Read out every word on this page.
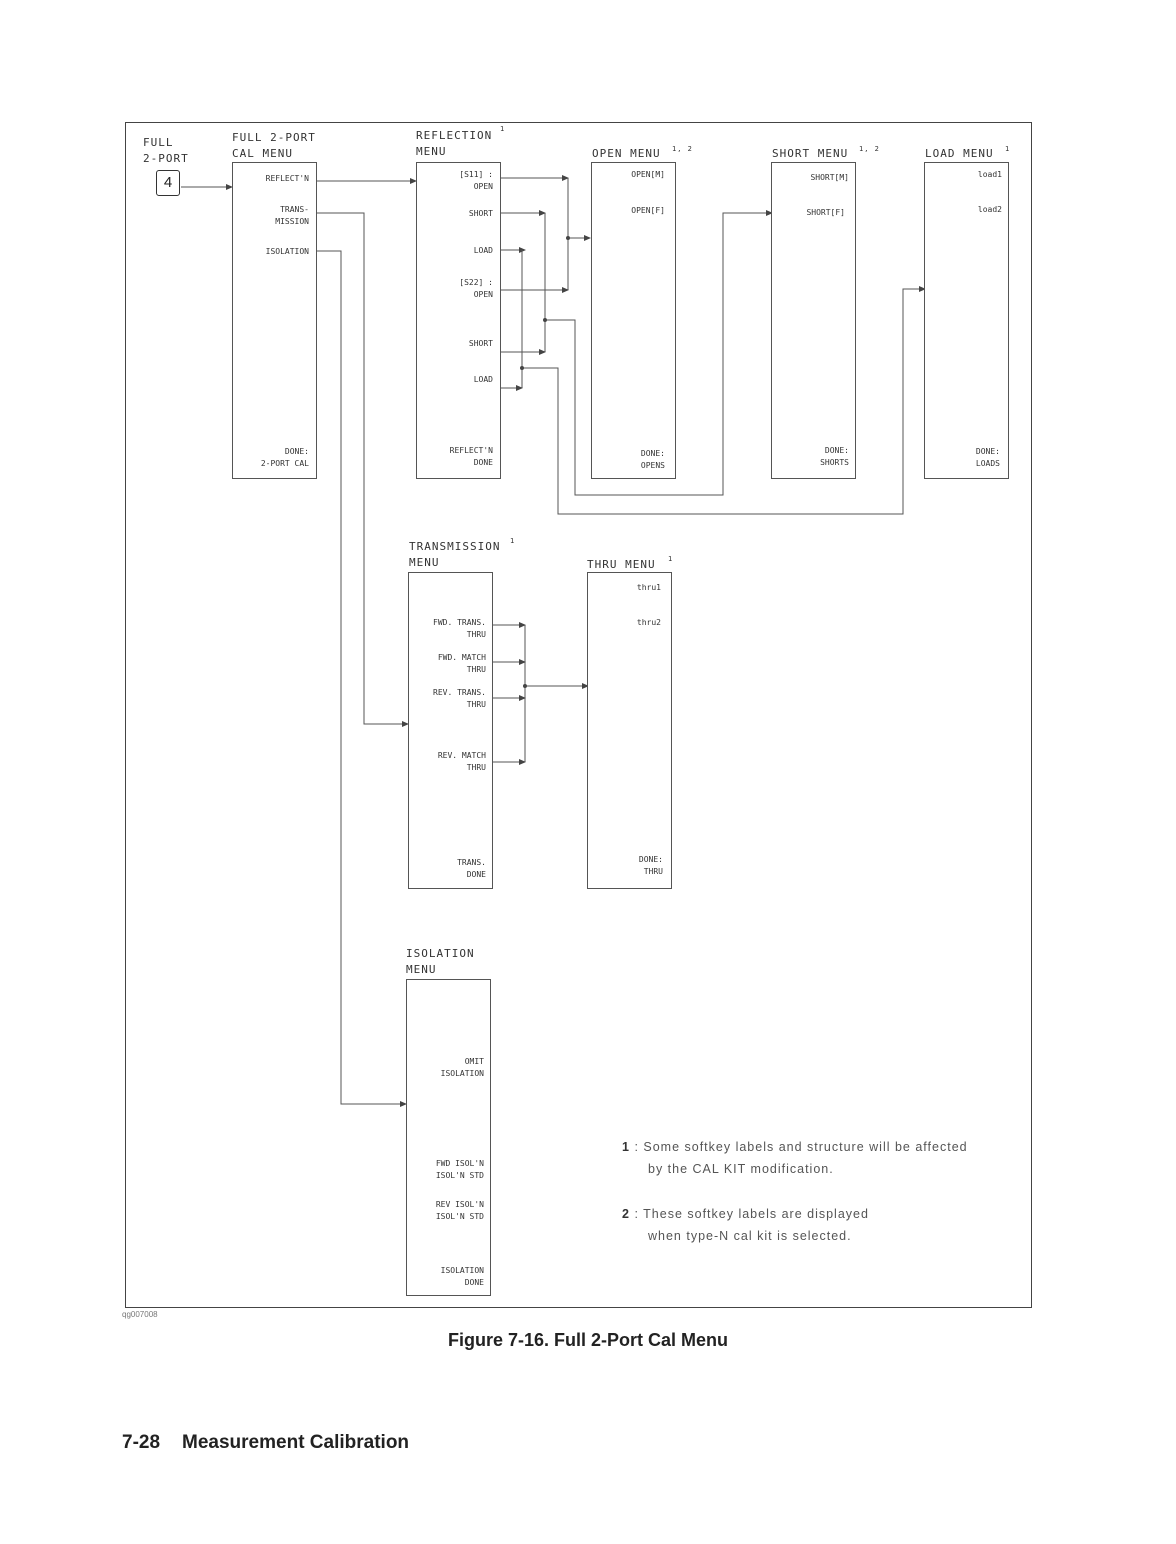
FULL
2-PORT
4
FULL 2-PORT
CAL MENU
REFLECT'N
TRANS-
MISSION
ISOLATION
DONE:
2-PORT CAL
REFLECTION
MENU
1
[S11] :
OPEN
SHORT
LOAD
[S22] :
OPEN
SHORT
LOAD
REFLECT'N
DONE
OPEN MENU 1, 2
OPEN[M]
OPEN[F]
DONE:
OPENS
SHORT MENU 1, 2
SHORT[M]
SHORT[F]
DONE:
SHORTS
LOAD MENU 1
load1
load2
DONE:
LOADS
TRANSMISSION
MENU
1
FWD. TRANS.
THRU
FWD. MATCH
THRU
REV. TRANS.
THRU
REV. MATCH
THRU
TRANS.
DONE
THRU MENU 1
thru1
thru2
DONE:
THRU
ISOLATION
MENU
OMIT
ISOLATION
FWD ISOL'N
ISOL'N STD
REV ISOL'N
ISOL'N STD
ISOLATION
DONE
1 : Some softkey labels and structure will be affected
by the CAL KIT modification.
2 : These softkey labels are displayed
when type-N cal kit is selected.
qg007008
Figure 7-16. Full 2-Port Cal Menu
7-28 Measurement Calibration
